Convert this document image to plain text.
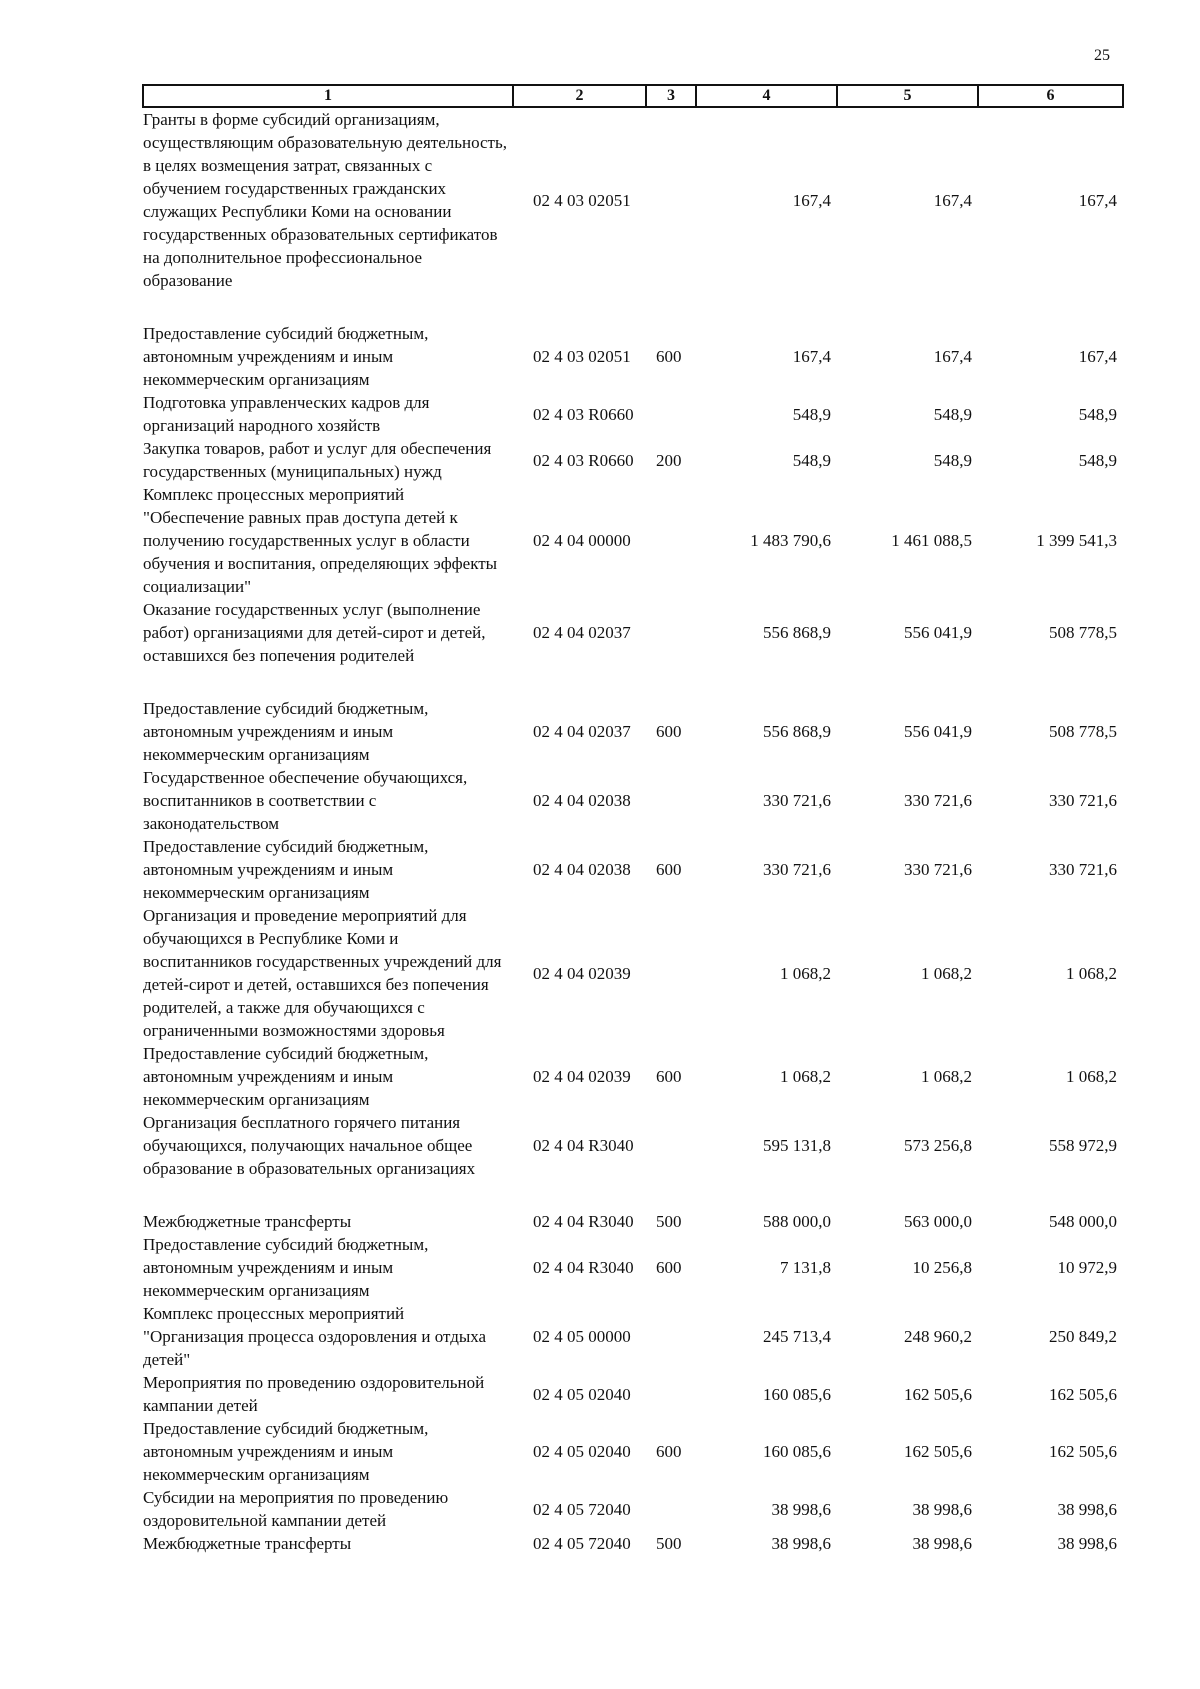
25
1	2	3	4	5	6
Гранты в форме субсидий организациям, осуществляющим образовательную деятельность, в целях возмещения затрат, связанных с обучением государственных гражданских служащих Республики Коми на основании государственных образовательных сертификатов на дополнительное профессиональное образование	02 4 03 02051		167,4	167,4	167,4
Предоставление субсидий бюджетным, автономным учреждениям и иным некоммерческим организациям	02 4 03 02051	600	167,4	167,4	167,4
Подготовка управленческих кадров для организаций народного хозяйств	02 4 03 R0660		548,9	548,9	548,9
Закупка товаров, работ и услуг для обеспечения государственных (муниципальных) нужд	02 4 03 R0660	200	548,9	548,9	548,9
Комплекс процессных мероприятий "Обеспечение равных прав доступа детей к получению государственных услуг в области обучения и воспитания, определяющих эффекты социализации"	02 4 04 00000		1 483 790,6	1 461 088,5	1 399 541,3
Оказание государственных услуг (выполнение работ) организациями для детей-сирот и детей, оставшихся без попечения родителей	02 4 04 02037		556 868,9	556 041,9	508 778,5
Предоставление субсидий бюджетным, автономным учреждениям и иным некоммерческим организациям	02 4 04 02037	600	556 868,9	556 041,9	508 778,5
Государственное обеспечение обучающихся, воспитанников в соответствии с законодательством	02 4 04 02038		330 721,6	330 721,6	330 721,6
Предоставление субсидий бюджетным, автономным учреждениям и иным некоммерческим организациям	02 4 04 02038	600	330 721,6	330 721,6	330 721,6
Организация и проведение мероприятий для обучающихся в Республике Коми и воспитанников государственных учреждений для детей-сирот и детей, оставшихся без попечения родителей, а также для обучающихся с ограниченными возможностями здоровья	02 4 04 02039		1 068,2	1 068,2	1 068,2
Предоставление субсидий бюджетным, автономным учреждениям и иным некоммерческим организациям	02 4 04 02039	600	1 068,2	1 068,2	1 068,2
Организация бесплатного горячего питания обучающихся, получающих начальное общее образование в образовательных организациях	02 4 04 R3040		595 131,8	573 256,8	558 972,9
Межбюджетные трансферты	02 4 04 R3040	500	588 000,0	563 000,0	548 000,0
Предоставление субсидий бюджетным, автономным учреждениям и иным некоммерческим организациям	02 4 04 R3040	600	7 131,8	10 256,8	10 972,9
Комплекс процессных мероприятий "Организация процесса оздоровления и отдыха детей"	02 4 05 00000		245 713,4	248 960,2	250 849,2
Мероприятия по проведению оздоровительной кампании детей	02 4 05 02040		160 085,6	162 505,6	162 505,6
Предоставление субсидий бюджетным, автономным учреждениям и иным некоммерческим организациям	02 4 05 02040	600	160 085,6	162 505,6	162 505,6
Субсидии на мероприятия по проведению оздоровительной кампании детей	02 4 05 72040		38 998,6	38 998,6	38 998,6
Межбюджетные трансферты	02 4 05 72040	500	38 998,6	38 998,6	38 998,6
